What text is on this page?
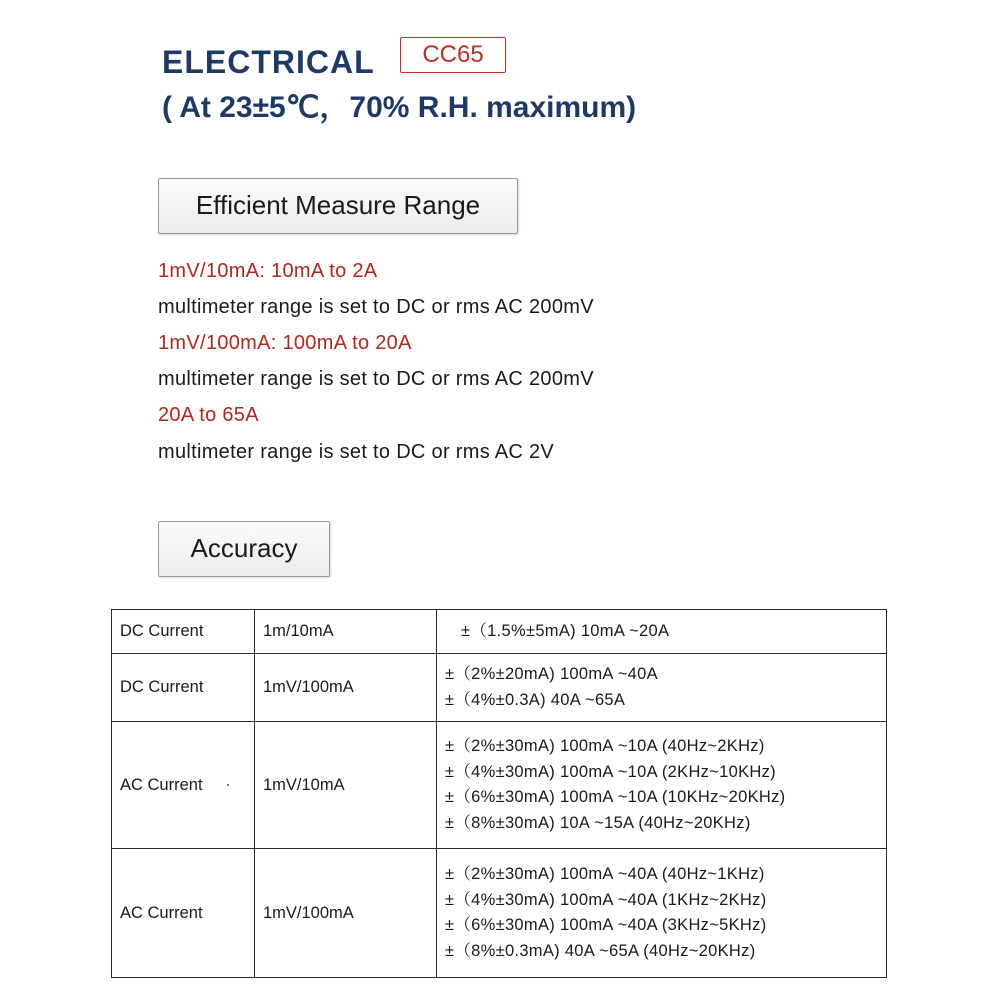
ELECTRICAL	CC65
( At 23±5℃，70% R.H. maximum)
Efficient Measure Range
1mV/10mA: 10mA to 2A
multimeter range is set to DC or rms AC 200mV
1mV/100mA: 100mA to 20A
multimeter range is set to DC or rms AC 200mV
20A to 65A
multimeter range is set to DC or rms AC 2V
Accuracy
DC Current	1m/10mA	±（1.5%±5mA) 10mA ~20A

DC Current	1mV/100mA	±（2%±20mA) 100mA ~40A
±（4%±0.3A) 40A ~65A

AC Current	1mV/10mA	±（2%±30mA) 100mA ~10A (40Hz~2KHz)
±（4%±30mA) 100mA ~10A (2KHz~10KHz)
±（6%±30mA) 100mA ~10A (10KHz~20KHz)
±（8%±30mA) 10A ~15A (40Hz~20KHz)

AC Current	1mV/100mA	±（2%±30mA) 100mA ~40A (40Hz~1KHz)
±（4%±30mA) 100mA ~40A (1KHz~2KHz)
±（6%±30mA) 100mA ~40A (3KHz~5KHz)
±（8%±0.3mA) 40A ~65A (40Hz~20KHz)
